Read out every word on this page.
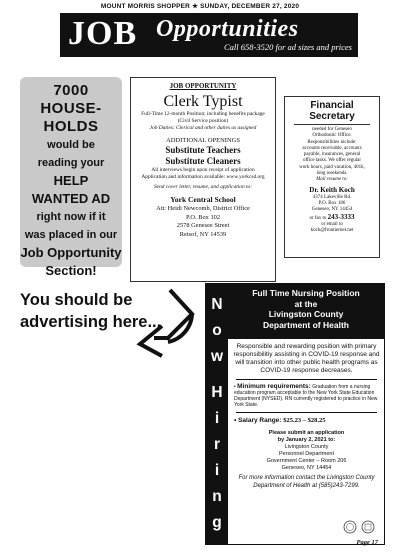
MOUNT MORRIS SHOPPER ★ SUNDAY, DECEMBER 27, 2020
JOB Opportunities
Call 658-3520 for ad sizes and prices
7000
HOUSE-
HOLDS
would be
reading your
HELP
WANTED AD
right now if it
was placed in our
Job Opportunity
Section!
JOB OPPORTUNITY
Clerk Typist
Full-Time 12-month Position; including benefits package
(Civil Service position)
Job Duties: Clerical and other duties as assigned
ADDITIONAL OPENINGS
Substitute Teachers
Substitute Cleaners
All interviews begin upon receipt of application
Application and information available: www.yorkcsd.org
Send cover letter, resume, and application to:
York Central School
Att: Heidi Newcomb, District Office
P.O. Box 102
2578 Genesee Street
Retsof, NY 14539
Financial
Secretary
needed for Geneseo
Orthodontic Office.
Responsibilities include:
accounts receivable, accounts
payable, insurances, general
office tasks. We offer regular
work hours, paid vacation, 401k,
long weekends.
Mail resume to:
Dr. Keith Koch
4374 Lakeville Rd.
P.O. Box 186
Geneseo, NY 14454
or fax to 243-3333
or email to
koch@frontiernet.net
You should be
advertising here...
N
o
w
H
i
r
i
n
g
Full Time Nursing Position
at the
Livingston County
Department of Health
Responsible and rewarding position with primary responsibilitiy assisting in COVID-19 response and will transition into other public health programs as COVID-19 response decreases.
• Minimum requirements: Graduation from a nursing education program acceptable to the New York State Education Department (NYSED). RN currently registered to practice in New York State.
• Salary Range: $25.23 – $28.25
Please submit an application
by January 2, 2021 to:
Livingston County
Personnel Department
Government Center – Room 206
Geneseo, NY 14454
For more information contact the Livingston County Department of Health at (585)243-7299.
Page 17
